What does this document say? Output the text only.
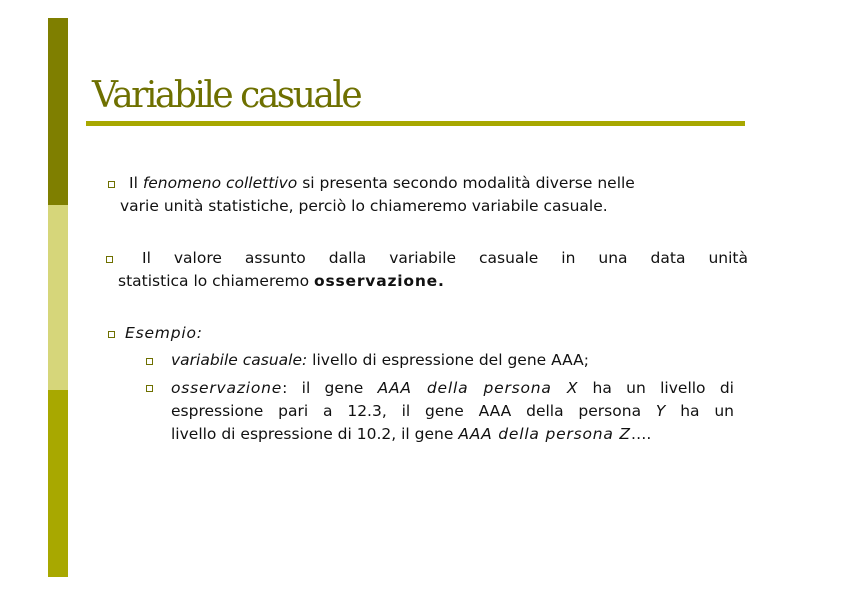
Variabile casuale

Il fenomeno collettivo si presenta secondo modalità diverse nelle
varie unità statistiche, perciò lo chiameremo variabile casuale.

Il valore assunto dalla variabile casuale in una data unità
statistica lo chiameremo osservazione.

Esempio:

variabile casuale: livello di espressione del gene AAA;

osservazione: il gene AAA della persona X ha un livello di
espressione pari a 12.3, il gene AAA della persona Y ha un
livello di espressione di 10.2, il gene AAA della persona Z….
